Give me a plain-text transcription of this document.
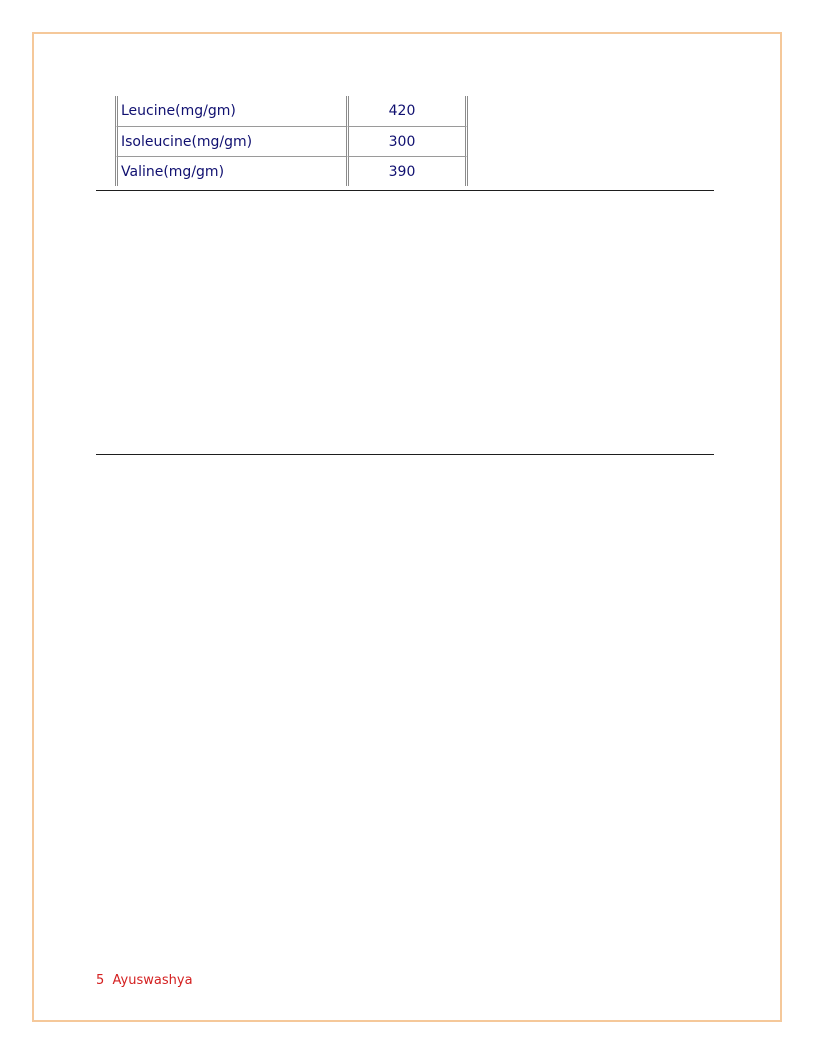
Leucine(mg/gm)	420
Isoleucine(mg/gm)	300
Valine(mg/gm)	390
5 Ayuswashya
